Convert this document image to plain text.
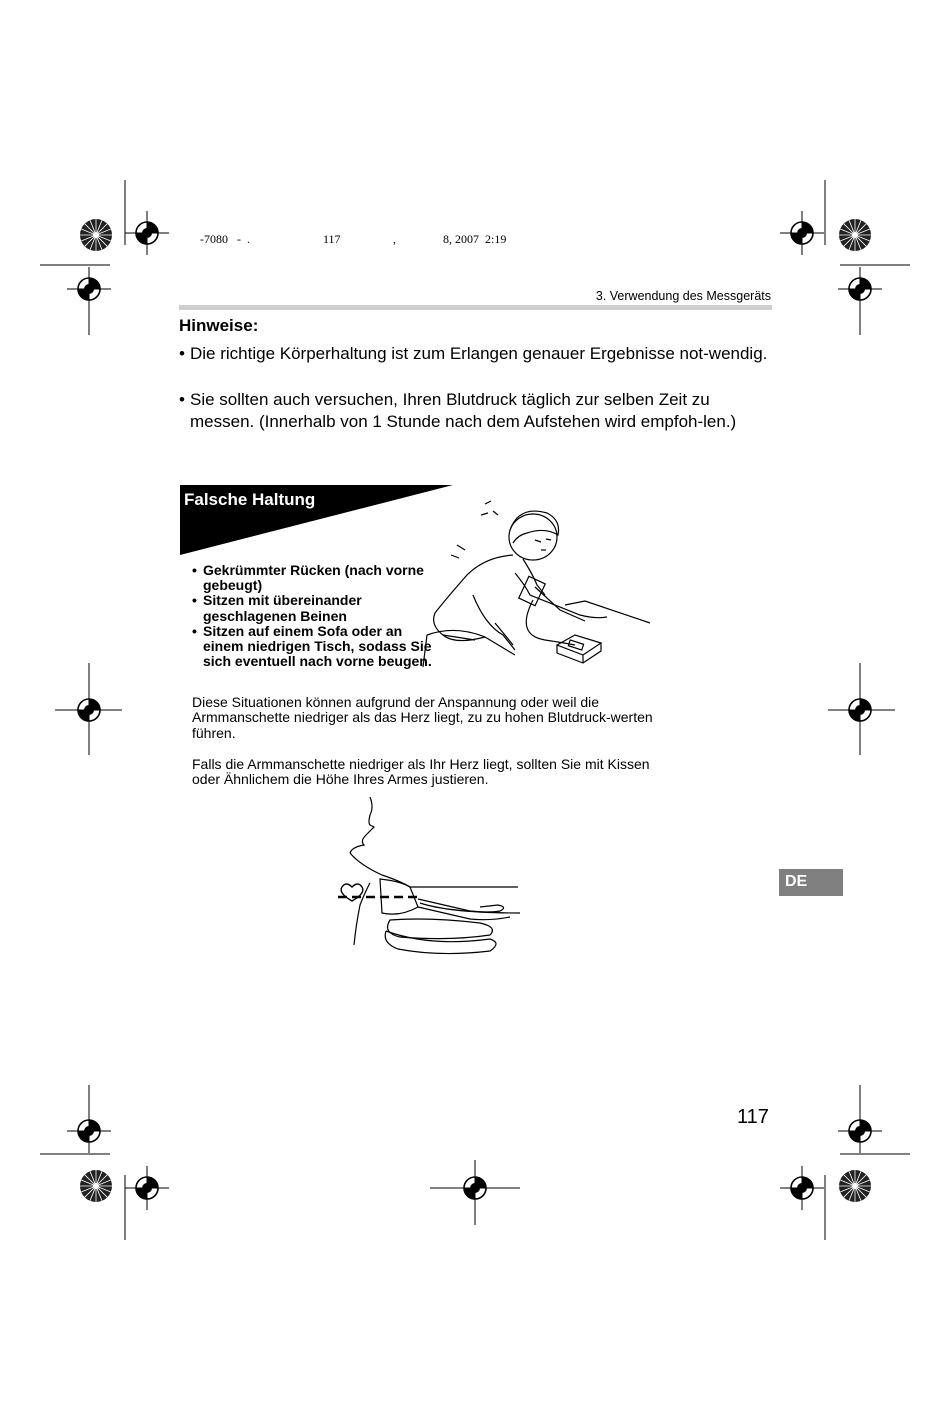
-7080   -  .	117	,	8, 2007  2:19
3. Verwendung des Messgeräts
Hinweise:
• Die richtige Körperhaltung ist zum Erlangen genauer Ergebnisse not-wendig.
• Sie sollten auch versuchen, Ihren Blutdruck täglich zur selben Zeit zu messen. (Innerhalb von 1 Stunde nach dem Aufstehen wird empfoh-len.)
Falsche Haltung
• Gekrümmter Rücken (nach vorne gebeugt)
• Sitzen mit übereinander geschlagenen Beinen
• Sitzen auf einem Sofa oder an einem niedrigen Tisch, sodass Sie sich eventuell nach vorne beugen.
Diese Situationen können aufgrund der Anspannung oder weil die Armmanschette niedriger als das Herz liegt, zu zu hohen Blutdruck-werten führen.
Falls die Armmanschette niedriger als Ihr Herz liegt, sollten Sie mit Kissen oder Ähnlichem die Höhe Ihres Armes justieren.
DE
117
